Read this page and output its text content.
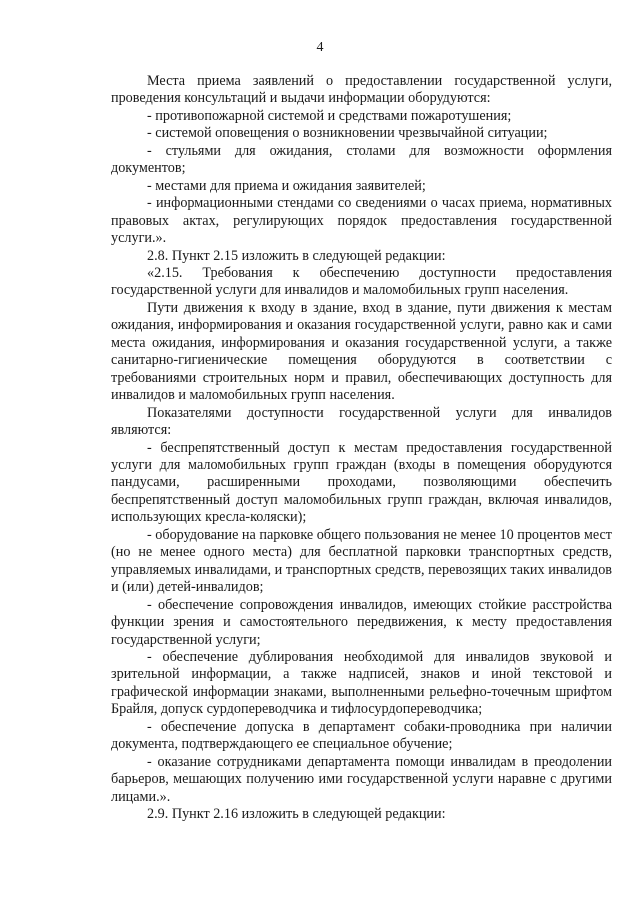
4

Места приема заявлений о предоставлении государственной услуги, проведения консультаций и выдачи информации оборудуются:

- противопожарной системой и средствами пожаротушения;

- системой оповещения о возникновении чрезвычайной ситуации;

- стульями для ожидания, столами для возможности оформления документов;

- местами для приема и ожидания заявителей;

- информационными стендами со сведениями о часах приема, нормативных правовых актах, регулирующих порядок предоставления государственной услуги.».

2.8. Пункт 2.15 изложить в следующей редакции:

«2.15. Требования к обеспечению доступности предоставления государственной услуги для инвалидов и маломобильных групп населения.

Пути движения к входу в здание, вход в здание, пути движения к местам ожидания, информирования и оказания государственной услуги, равно как и сами места ожидания, информирования и оказания государственной услуги, а также санитарно-гигиенические помещения оборудуются в соответствии с требованиями строительных норм и правил, обеспечивающих доступность для инвалидов и маломобильных групп населения.

Показателями доступности государственной услуги для инвалидов являются:

- беспрепятственный доступ к местам предоставления государственной услуги для маломобильных групп граждан (входы в помещения оборудуются пандусами, расширенными проходами, позволяющими обеспечить беспрепятственный доступ маломобильных групп граждан, включая инвалидов, использующих кресла-коляски);

- оборудование на парковке общего пользования не менее 10 процентов мест (но не менее одного места) для бесплатной парковки транспортных средств, управляемых инвалидами, и транспортных средств, перевозящих таких инвалидов и (или) детей-инвалидов;

- обеспечение сопровождения инвалидов, имеющих стойкие расстройства функции зрения и самостоятельного передвижения, к месту предоставления государственной услуги;

- обеспечение дублирования необходимой для инвалидов звуковой и зрительной информации, а также надписей, знаков и иной текстовой и графической информации знаками, выполненными рельефно-точечным шрифтом Брайля, допуск сурдопереводчика и тифлосурдопереводчика;

- обеспечение допуска в департамент собаки-проводника при наличии документа, подтверждающего ее специальное обучение;

- оказание сотрудниками департамента помощи инвалидам в преодолении барьеров, мешающих получению ими государственной услуги наравне с другими лицами.».

2.9. Пункт 2.16 изложить в следующей редакции:
